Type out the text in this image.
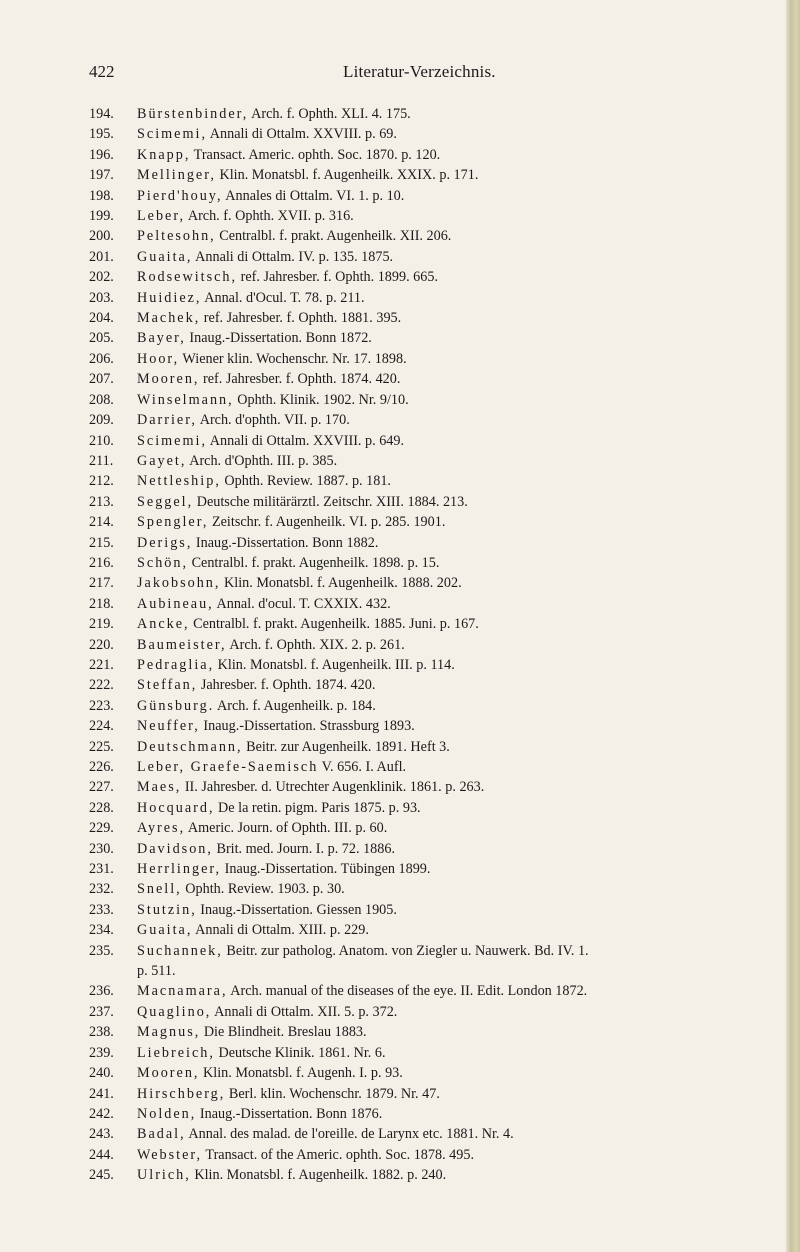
422	Literatur-Verzeichnis.
194.	Bürstenbinder, Arch. f. Ophth. XLI. 4. 175.
195.	Scimemi, Annali di Ottalm. XXVIII. p. 69.
196.	Knapp, Transact. Americ. ophth. Soc. 1870. p. 120.
197.	Mellinger, Klin. Monatsbl. f. Augenheilk. XXIX. p. 171.
198.	Pierd'houy, Annales di Ottalm. VI. 1. p. 10.
199.	Leber, Arch. f. Ophth. XVII. p. 316.
200.	Peltesohn, Centralbl. f. prakt. Augenheilk. XII. 206.
201.	Guaita, Annali di Ottalm. IV. p. 135. 1875.
202.	Rodsewitsch, ref. Jahresber. f. Ophth. 1899. 665.
203.	Huidiez, Annal. d'Ocul. T. 78. p. 211.
204.	Machek, ref. Jahresber. f. Ophth. 1881. 395.
205.	Bayer, Inaug.-Dissertation. Bonn 1872.
206.	Hoor, Wiener klin. Wochenschr. Nr. 17. 1898.
207.	Mooren, ref. Jahresber. f. Ophth. 1874. 420.
208.	Winselmann, Ophth. Klinik. 1902. Nr. 9/10.
209.	Darrier, Arch. d'ophth. VII. p. 170.
210.	Scimemi, Annali di Ottalm. XXVIII. p. 649.
211.	Gayet, Arch. d'Ophth. III. p. 385.
212.	Nettleship, Ophth. Review. 1887. p. 181.
213.	Seggel, Deutsche militärärztl. Zeitschr. XIII. 1884. 213.
214.	Spengler, Zeitschr. f. Augenheilk. VI. p. 285. 1901.
215.	Derigs, Inaug.-Dissertation. Bonn 1882.
216.	Schön, Centralbl. f. prakt. Augenheilk. 1898. p. 15.
217.	Jakobsohn, Klin. Monatsbl. f. Augenheilk. 1888. 202.
218.	Aubineau, Annal. d'ocul. T. CXXIX. 432.
219.	Ancke, Centralbl. f. prakt. Augenheilk. 1885. Juni. p. 167.
220.	Baumeister, Arch. f. Ophth. XIX. 2. p. 261.
221.	Pedraglia, Klin. Monatsbl. f. Augenheilk. III. p. 114.
222.	Steffan, Jahresber. f. Ophth. 1874. 420.
223.	Günsburg. Arch. f. Augenheilk. p. 184.
224.	Neuffer, Inaug.-Dissertation. Strassburg 1893.
225.	Deutschmann, Beitr. zur Augenheilk. 1891. Heft 3.
226.	Leber, Graefe-Saemisch V. 656. I. Aufl.
227.	Maes, II. Jahresber. d. Utrechter Augenklinik. 1861. p. 263.
228.	Hocquard, De la retin. pigm. Paris 1875. p. 93.
229.	Ayres, Americ. Journ. of Ophth. III. p. 60.
230.	Davidson, Brit. med. Journ. I. p. 72. 1886.
231.	Herrlinger, Inaug.-Dissertation. Tübingen 1899.
232.	Snell, Ophth. Review. 1903. p. 30.
233.	Stutzin, Inaug.-Dissertation. Giessen 1905.
234.	Guaita, Annali di Ottalm. XIII. p. 229.
235.	Suchannek, Beitr. zur patholog. Anatom. von Ziegler u. Nauwerk. Bd. IV. 1.
p. 511.
236.	Macnamara, Arch. manual of the diseases of the eye. II. Edit. London 1872.
237.	Quaglino, Annali di Ottalm. XII. 5. p. 372.
238.	Magnus, Die Blindheit. Breslau 1883.
239.	Liebreich, Deutsche Klinik. 1861. Nr. 6.
240.	Mooren, Klin. Monatsbl. f. Augenh. I. p. 93.
241.	Hirschberg, Berl. klin. Wochenschr. 1879. Nr. 47.
242.	Nolden, Inaug.-Dissertation. Bonn 1876.
243.	Badal, Annal. des malad. de l'oreille. de Larynx etc. 1881. Nr. 4.
244.	Webster, Transact. of the Americ. ophth. Soc. 1878. 495.
245.	Ulrich, Klin. Monatsbl. f. Augenheilk. 1882. p. 240.
